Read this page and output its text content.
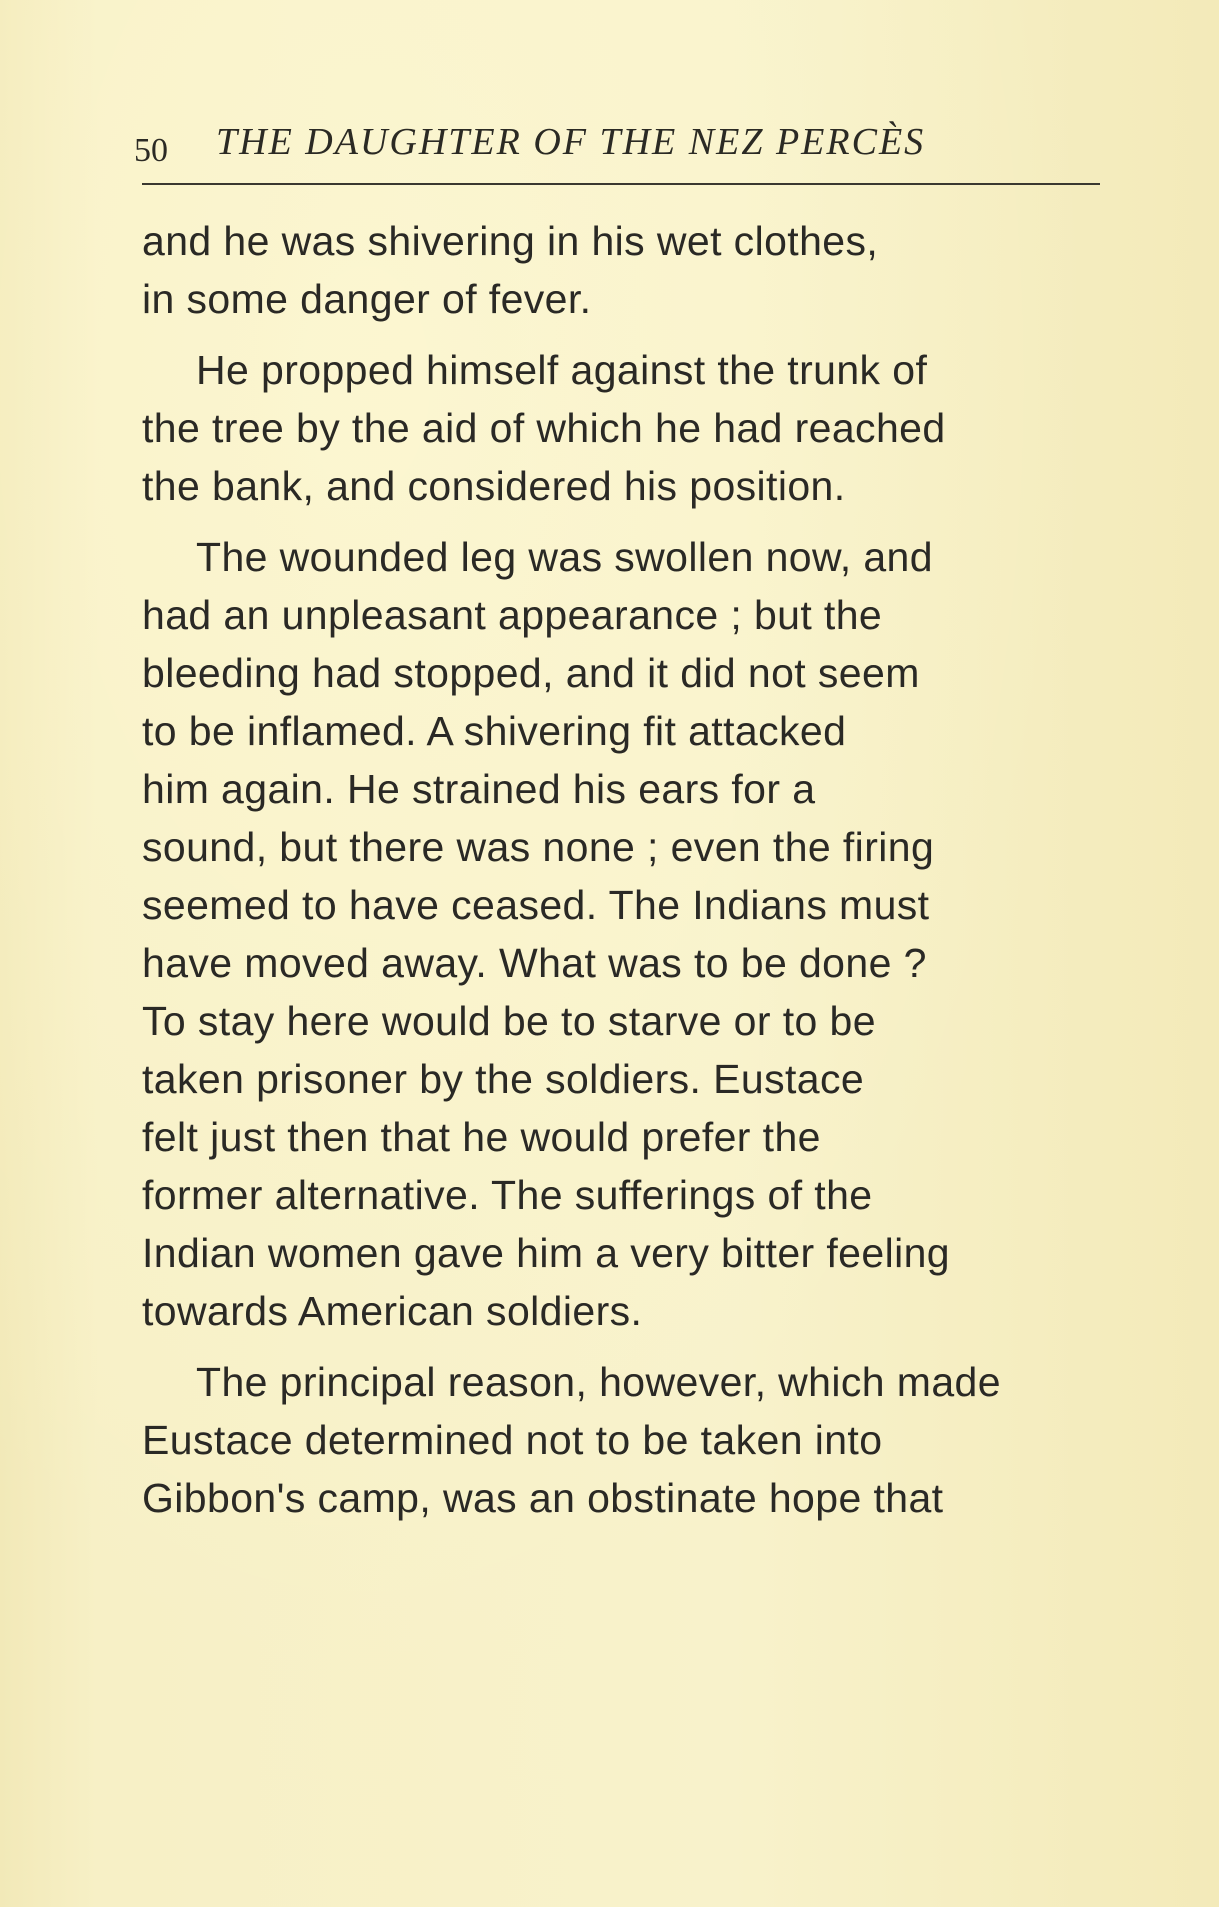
50 THE DAUGHTER OF THE NEZ PERCÈS
and he was shivering in his wet clothes,
in some danger of fever.
He propped himself against the trunk of
the tree by the aid of which he had reached
the bank, and considered his position.
The wounded leg was swollen now, and
had an unpleasant appearance ; but the
bleeding had stopped, and it did not seem
to be inflamed. A shivering fit attacked
him again. He strained his ears for a
sound, but there was none ; even the firing
seemed to have ceased. The Indians must
have moved away. What was to be done ?
To stay here would be to starve or to be
taken prisoner by the soldiers. Eustace
felt just then that he would prefer the
former alternative. The sufferings of the
Indian women gave him a very bitter feeling
towards American soldiers.
The principal reason, however, which made
Eustace determined not to be taken into
Gibbon's camp, was an obstinate hope that
